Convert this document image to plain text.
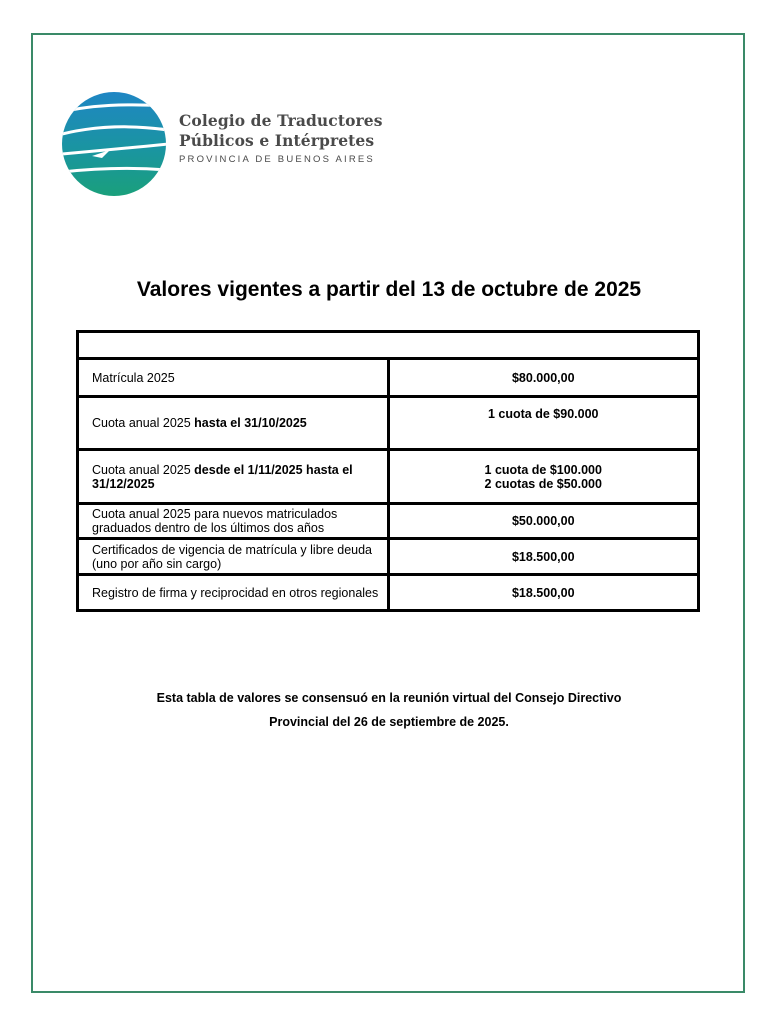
Colegio de Traductores
Públicos e Intérpretes
PROVINCIA DE BUENOS AIRES
Valores vigentes a partir del 13 de octubre de 2025

Matrícula 2025	$80.000,00
Cuota anual 2025 hasta el 31/10/2025	1 cuota de $90.000
Cuota anual 2025 desde el 1/11/2025 hasta el 31/12/2025	1 cuota de $100.000
2 cuotas de $50.000

Cuota anual 2025 para nuevos matriculados graduados dentro de los últimos dos años	$50.000,00
Certificados de vigencia de matrícula y libre deuda (uno por año sin cargo)	$18.500,00
Registro de firma y reciprocidad en otros regionales	$18.500,00
Esta tabla de valores se consensuó en la reunión virtual del Consejo Directivo
Provincial del 26 de septiembre de 2025.
